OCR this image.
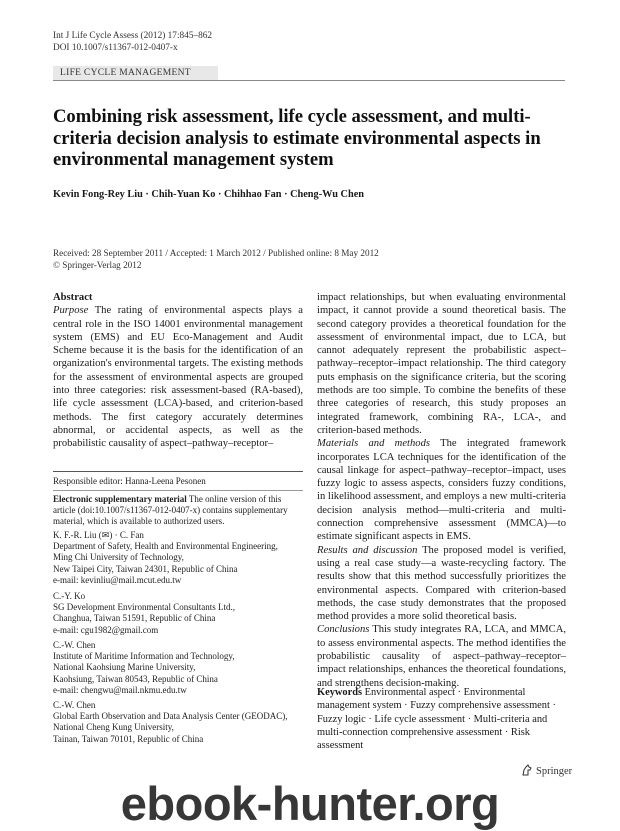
Int J Life Cycle Assess (2012) 17:845–862
DOI 10.1007/s11367-012-0407-x
LIFE CYCLE MANAGEMENT
Combining risk assessment, life cycle assessment, and multi-criteria decision analysis to estimate environmental aspects in environmental management system
Kevin Fong-Rey Liu · Chih-Yuan Ko · Chihhao Fan · Cheng-Wu Chen
Received: 28 September 2011 / Accepted: 1 March 2012 / Published online: 8 May 2012
© Springer-Verlag 2012
Abstract
Purpose The rating of environmental aspects plays a central role in the ISO 14001 environmental management system (EMS) and EU Eco-Management and Audit Scheme because it is the basis for the identification of an organization's environmental targets. The existing methods for the assessment of environmental aspects are grouped into three categories: risk assessment-based (RA-based), life cycle assessment (LCA)-based, and criterion-based methods. The first category accurately determines abnormal, or accidental aspects, as well as the probabilistic causality of aspect–pathway–receptor–
impact relationships, but when evaluating environmental impact, it cannot provide a sound theoretical basis. The second category provides a theoretical foundation for the assessment of environmental impact, due to LCA, but cannot adequately represent the probabilistic aspect–pathway–receptor–impact relationship. The third category puts emphasis on the significance criteria, but the scoring methods are too simple. To combine the benefits of these three categories of research, this study proposes an integrated framework, combining RA-, LCA-, and criterion-based methods.
Materials and methods The integrated framework incorporates LCA techniques for the identification of the causal linkage for aspect–pathway–receptor–impact, uses fuzzy logic to assess aspects, considers fuzzy conditions, in likelihood assessment, and employs a new multi-criteria decision analysis method—multi-criteria and multi-connection comprehensive assessment (MMCA)—to estimate significant aspects in EMS.
Results and discussion The proposed model is verified, using a real case study—a waste-recycling factory. The results show that this method successfully prioritizes the environmental aspects. Compared with criterion-based methods, the case study demonstrates that the proposed method provides a more solid theoretical basis.
Conclusions This study integrates RA, LCA, and MMCA, to assess environmental aspects. The method identifies the probabilistic causality of aspect–pathway–receptor–impact relationships, enhances the theoretical foundations, and strengthens decision-making.
Keywords Environmental aspect · Environmental management system · Fuzzy comprehensive assessment · Fuzzy logic · Life cycle assessment · Multi-criteria and multi-connection comprehensive assessment · Risk assessment
Responsible editor: Hanna-Leena Pesonen
Electronic supplementary material The online version of this article (doi:10.1007/s11367-012-0407-x) contains supplementary material, which is available to authorized users.
K. F.-R. Liu (✉) · C. Fan
Department of Safety, Health and Environmental Engineering,
Ming Chi University of Technology,
New Taipei City, Taiwan 24301, Republic of China
e-mail: kevinliu@mail.mcut.edu.tw
C.-Y. Ko
SG Development Environmental Consultants Ltd.,
Changhua, Taiwan 51591, Republic of China
e-mail: cgu1982@gmail.com
C.-W. Chen
Institute of Maritime Information and Technology,
National Kaohsiung Marine University,
Kaohsiung, Taiwan 80543, Republic of China
e-mail: chengwu@mail.nkmu.edu.tw
C.-W. Chen
Global Earth Observation and Data Analysis Center (GEODAC),
National Cheng Kung University,
Tainan, Taiwan 70101, Republic of China
Springer
ebook-hunter.org
